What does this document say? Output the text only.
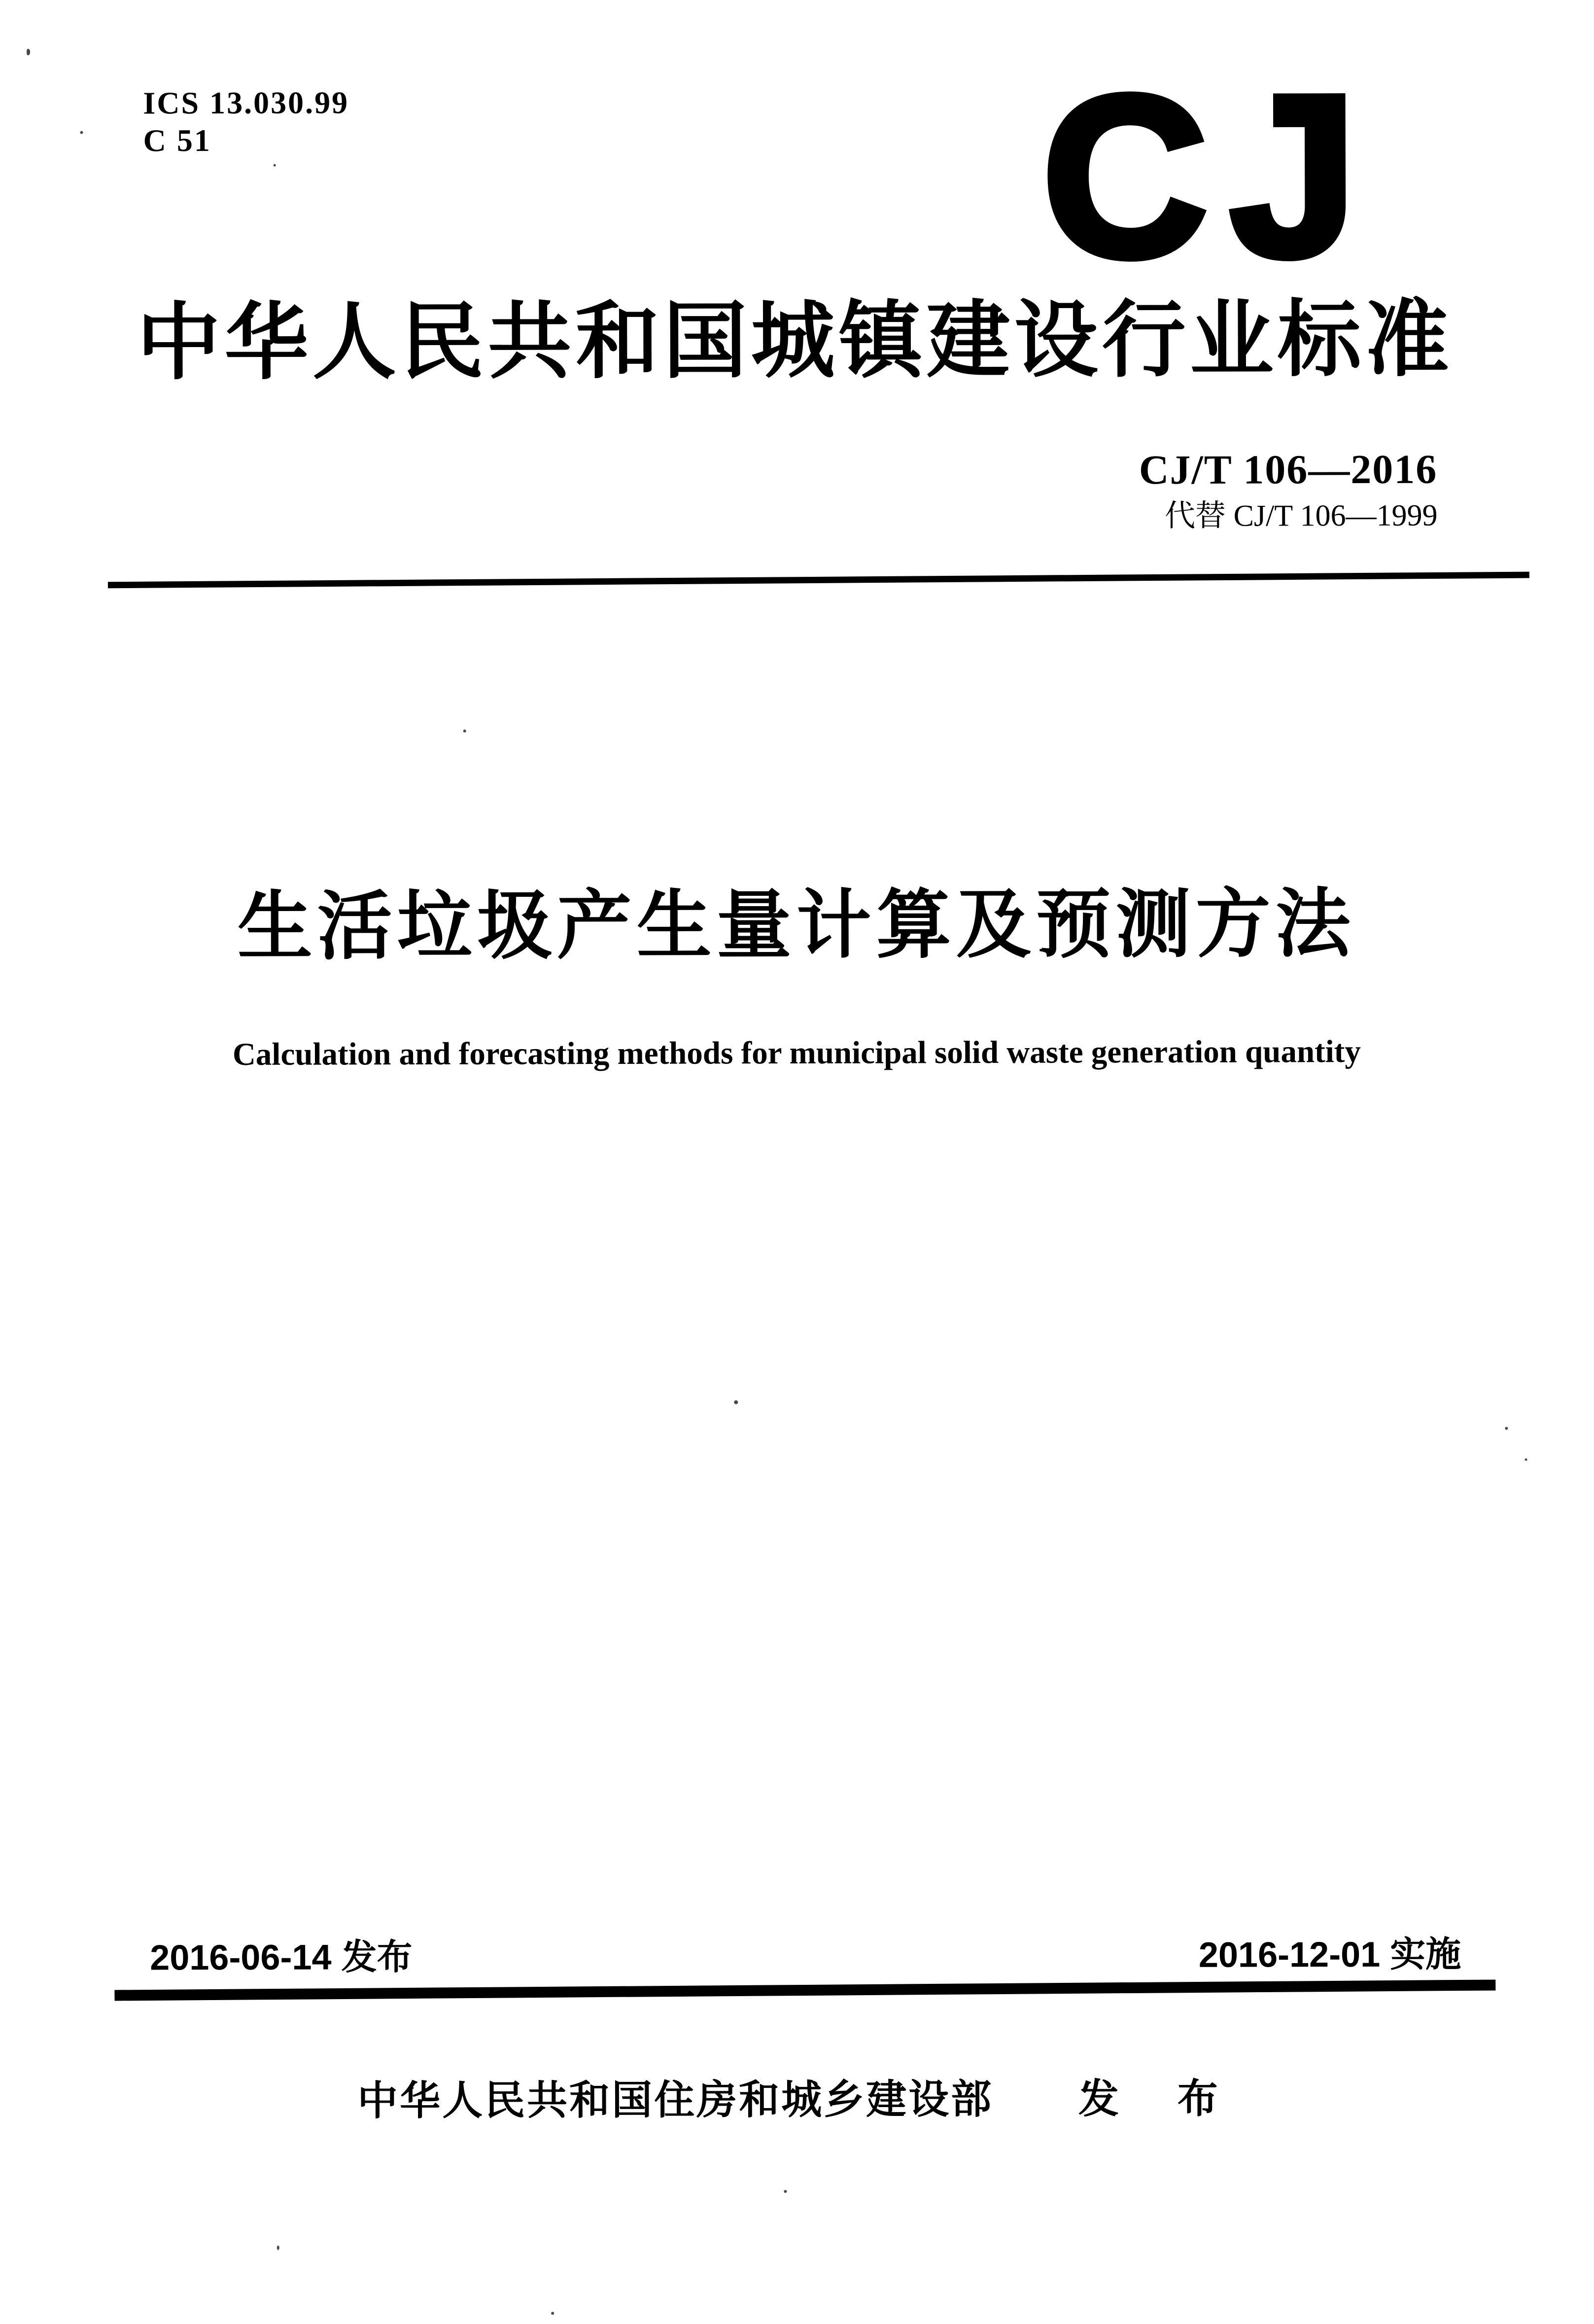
ICS 13.030.99
C 51	CJ
中华人民共和国城镇建设行业标准
CJ/T 106—2016
代替 CJ/T 106—1999
生活垃圾产生量计算及预测方法
Calculation and forecasting methods for municipal solid waste generation quantity
2016-06-14 发布	2016-12-01 实施
中华人民共和国住房和城乡建设部 发 布
